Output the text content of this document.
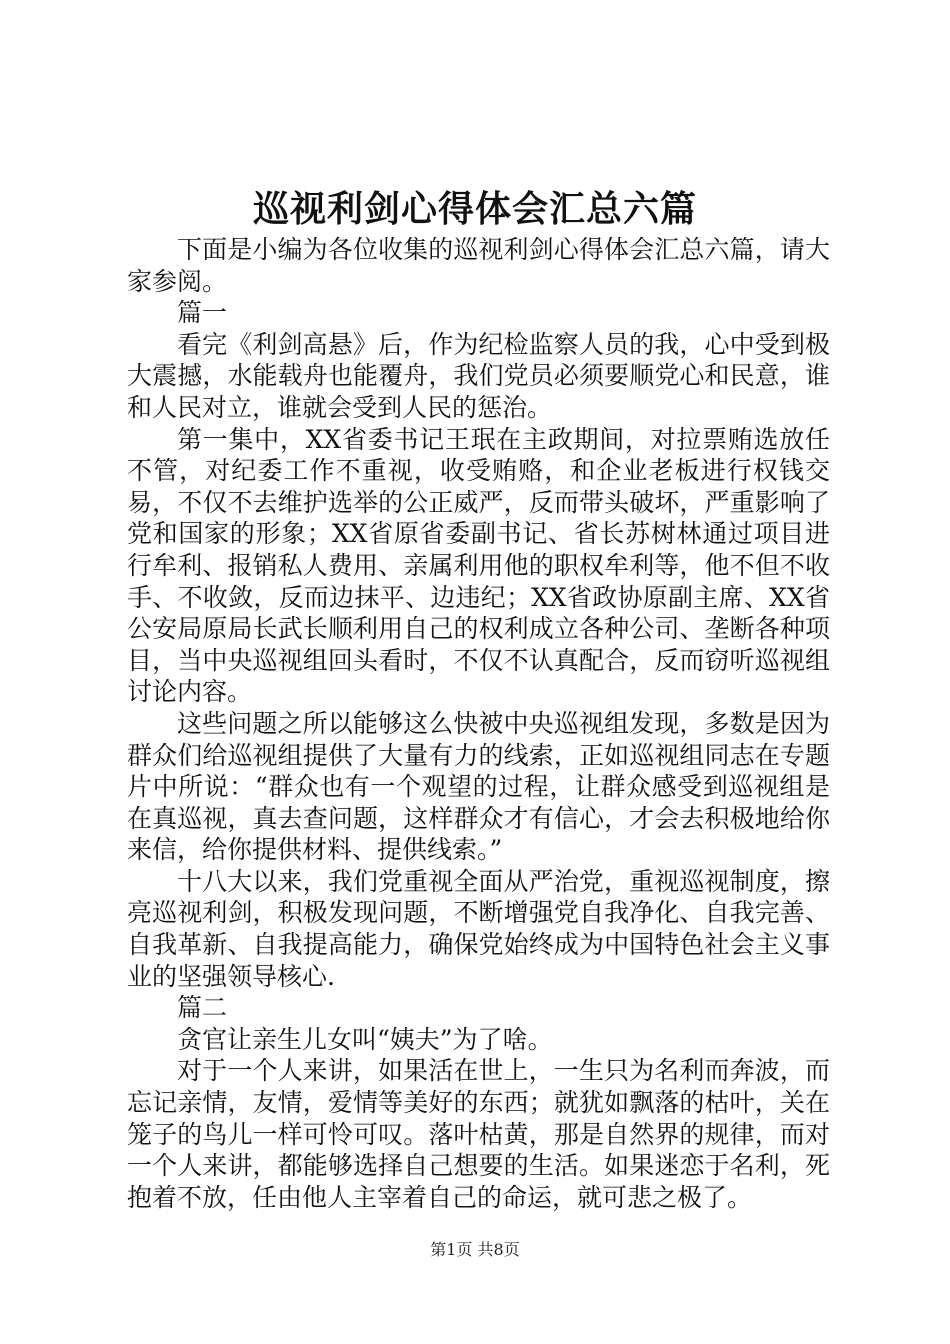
巡视利剑心得体会汇总六篇

下面是小编为各位收集的巡视利剑心得体会汇总六篇，请大家参阅。

篇一

看完《利剑高悬》后，作为纪检监察人员的我，心中受到极大震撼，水能载舟也能覆舟，我们党员必须要顺党心和民意，谁和人民对立，谁就会受到人民的惩治。

第一集中，XX省委书记王珉在主政期间，对拉票贿选放任不管，对纪委工作不重视，收受贿赂，和企业老板进行权钱交易，不仅不去维护选举的公正威严，反而带头破坏，严重影响了党和国家的形象；XX省原省委副书记、省长苏树林通过项目进行牟利、报销私人费用、亲属利用他的职权牟利等，他不但不收手、不收敛，反而边抹平、边违纪；XX省政协原副主席、XX省公安局原局长武长顺利用自己的权利成立各种公司、垄断各种项目，当中央巡视组回头看时，不仅不认真配合，反而窃听巡视组讨论内容。

这些问题之所以能够这么快被中央巡视组发现，多数是因为群众们给巡视组提供了大量有力的线索，正如巡视组同志在专题片中所说：“群众也有一个观望的过程，让群众感受到巡视组是在真巡视，真去查问题，这样群众才有信心，才会去积极地给你来信，给你提供材料、提供线索。”

十八大以来，我们党重视全面从严治党，重视巡视制度，擦亮巡视利剑，积极发现问题，不断增强党自我净化、自我完善、自我革新、自我提高能力，确保党始终成为中国特色社会主义事业的坚强领导核心.

篇二

贪官让亲生儿女叫“姨夫”为了啥。

对于一个人来讲，如果活在世上，一生只为名利而奔波，而忘记亲情，友情，爱情等美好的东西；就犹如飘落的枯叶，关在笼子的鸟儿一样可怜可叹。落叶枯黄，那是自然界的规律，而对一个人来讲，都能够选择自己想要的生活。如果迷恋于名利，死抱着不放，任由他人主宰着自己的命运，就可悲之极了。

第1页 共8页
